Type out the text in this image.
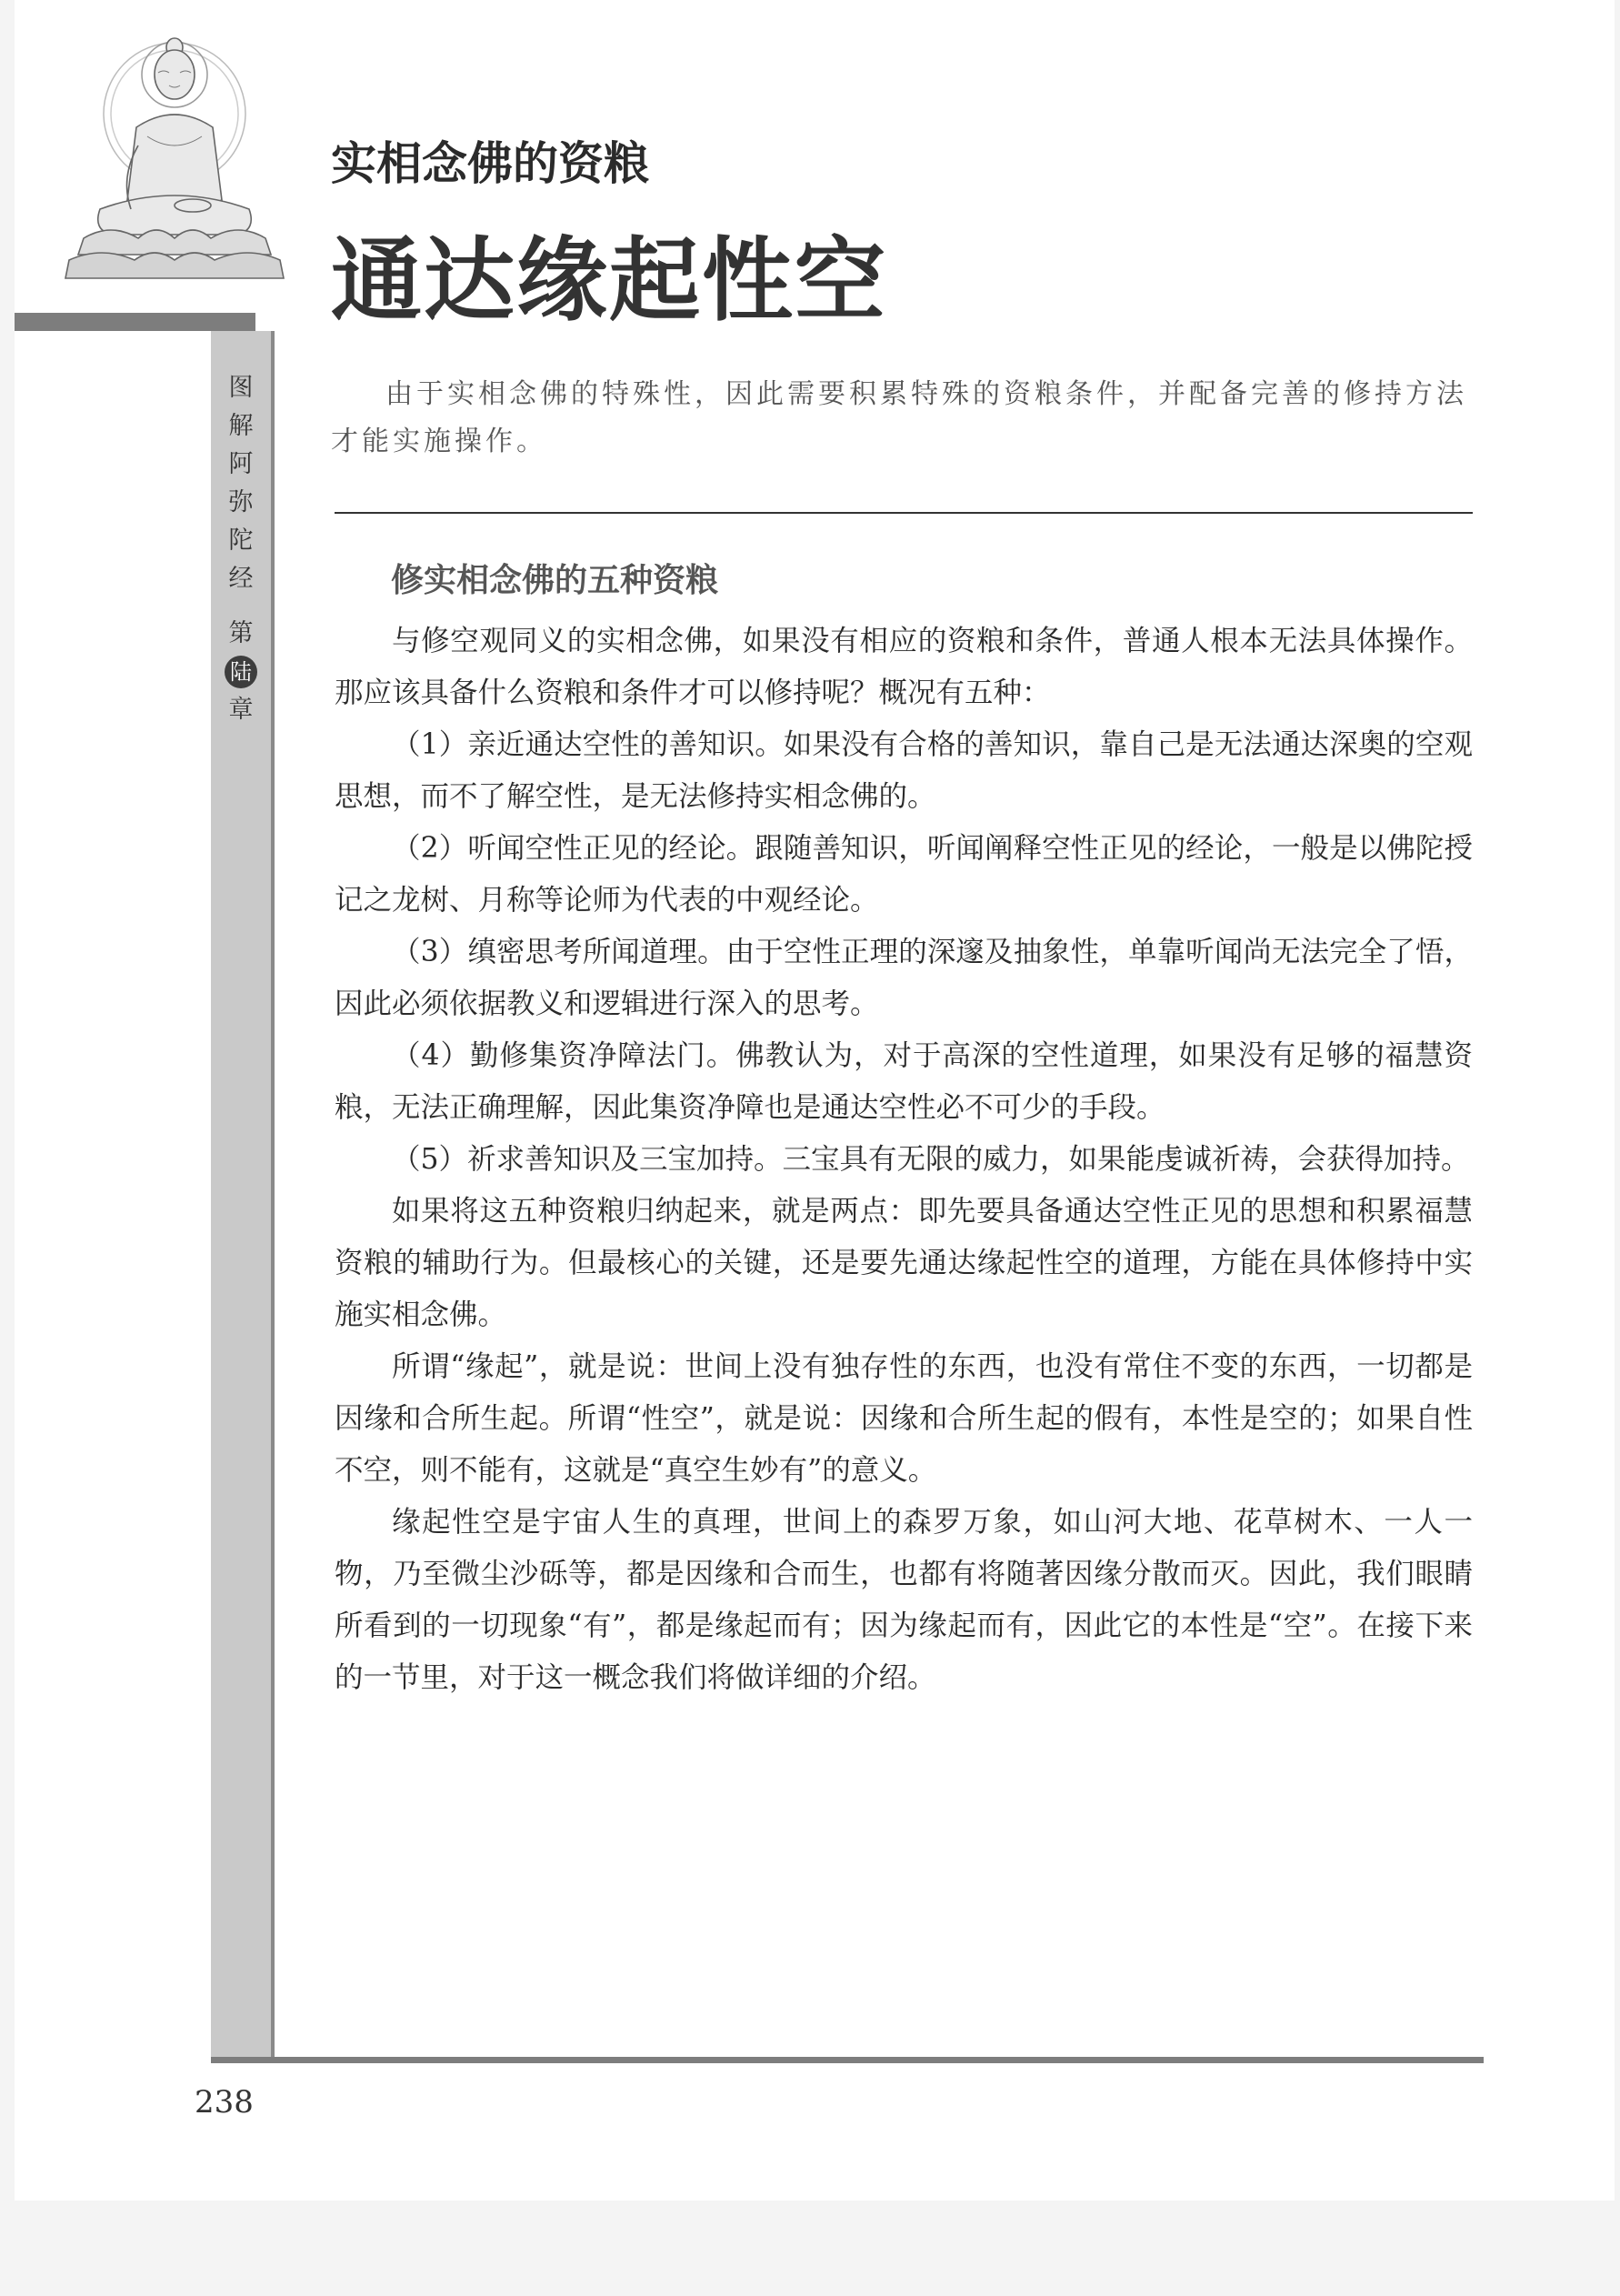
图
解
阿
弥
陀
经
第
陆
章
实相念佛的资粮
通达缘起性空
由于实相念佛的特殊性，因此需要积累特殊的资粮条件，并配备完善的修持方法才能实施操作。
修实相念佛的五种资粮

与修空观同义的实相念佛，如果没有相应的资粮和条件，普通人根本无法具体操作。那应该具备什么资粮和条件才可以修持呢？概况有五种：

（1）亲近通达空性的善知识。如果没有合格的善知识，靠自己是无法通达深奥的空观思想，而不了解空性，是无法修持实相念佛的。

（2）听闻空性正见的经论。跟随善知识，听闻阐释空性正见的经论，一般是以佛陀授记之龙树、月称等论师为代表的中观经论。

（3）缜密思考所闻道理。由于空性正理的深邃及抽象性，单靠听闻尚无法完全了悟，因此必须依据教义和逻辑进行深入的思考。

（4）勤修集资净障法门。佛教认为，对于高深的空性道理，如果没有足够的福慧资粮，无法正确理解，因此集资净障也是通达空性必不可少的手段。

（5）祈求善知识及三宝加持。三宝具有无限的威力，如果能虔诚祈祷，会获得加持。

如果将这五种资粮归纳起来，就是两点：即先要具备通达空性正见的思想和积累福慧资粮的辅助行为。但最核心的关键，还是要先通达缘起性空的道理，方能在具体修持中实施实相念佛。

所谓“缘起”，就是说：世间上没有独存性的东西，也没有常住不变的东西，一切都是因缘和合所生起。所谓“性空”，就是说：因缘和合所生起的假有，本性是空的；如果自性不空，则不能有，这就是“真空生妙有”的意义。

缘起性空是宇宙人生的真理，世间上的森罗万象，如山河大地、花草树木、一人一物，乃至微尘沙砾等，都是因缘和合而生，也都有将随著因缘分散而灭。因此，我们眼睛所看到的一切现象“有”，都是缘起而有；因为缘起而有，因此它的本性是“空”。在接下来的一节里，对于这一概念我们将做详细的介绍。

238
